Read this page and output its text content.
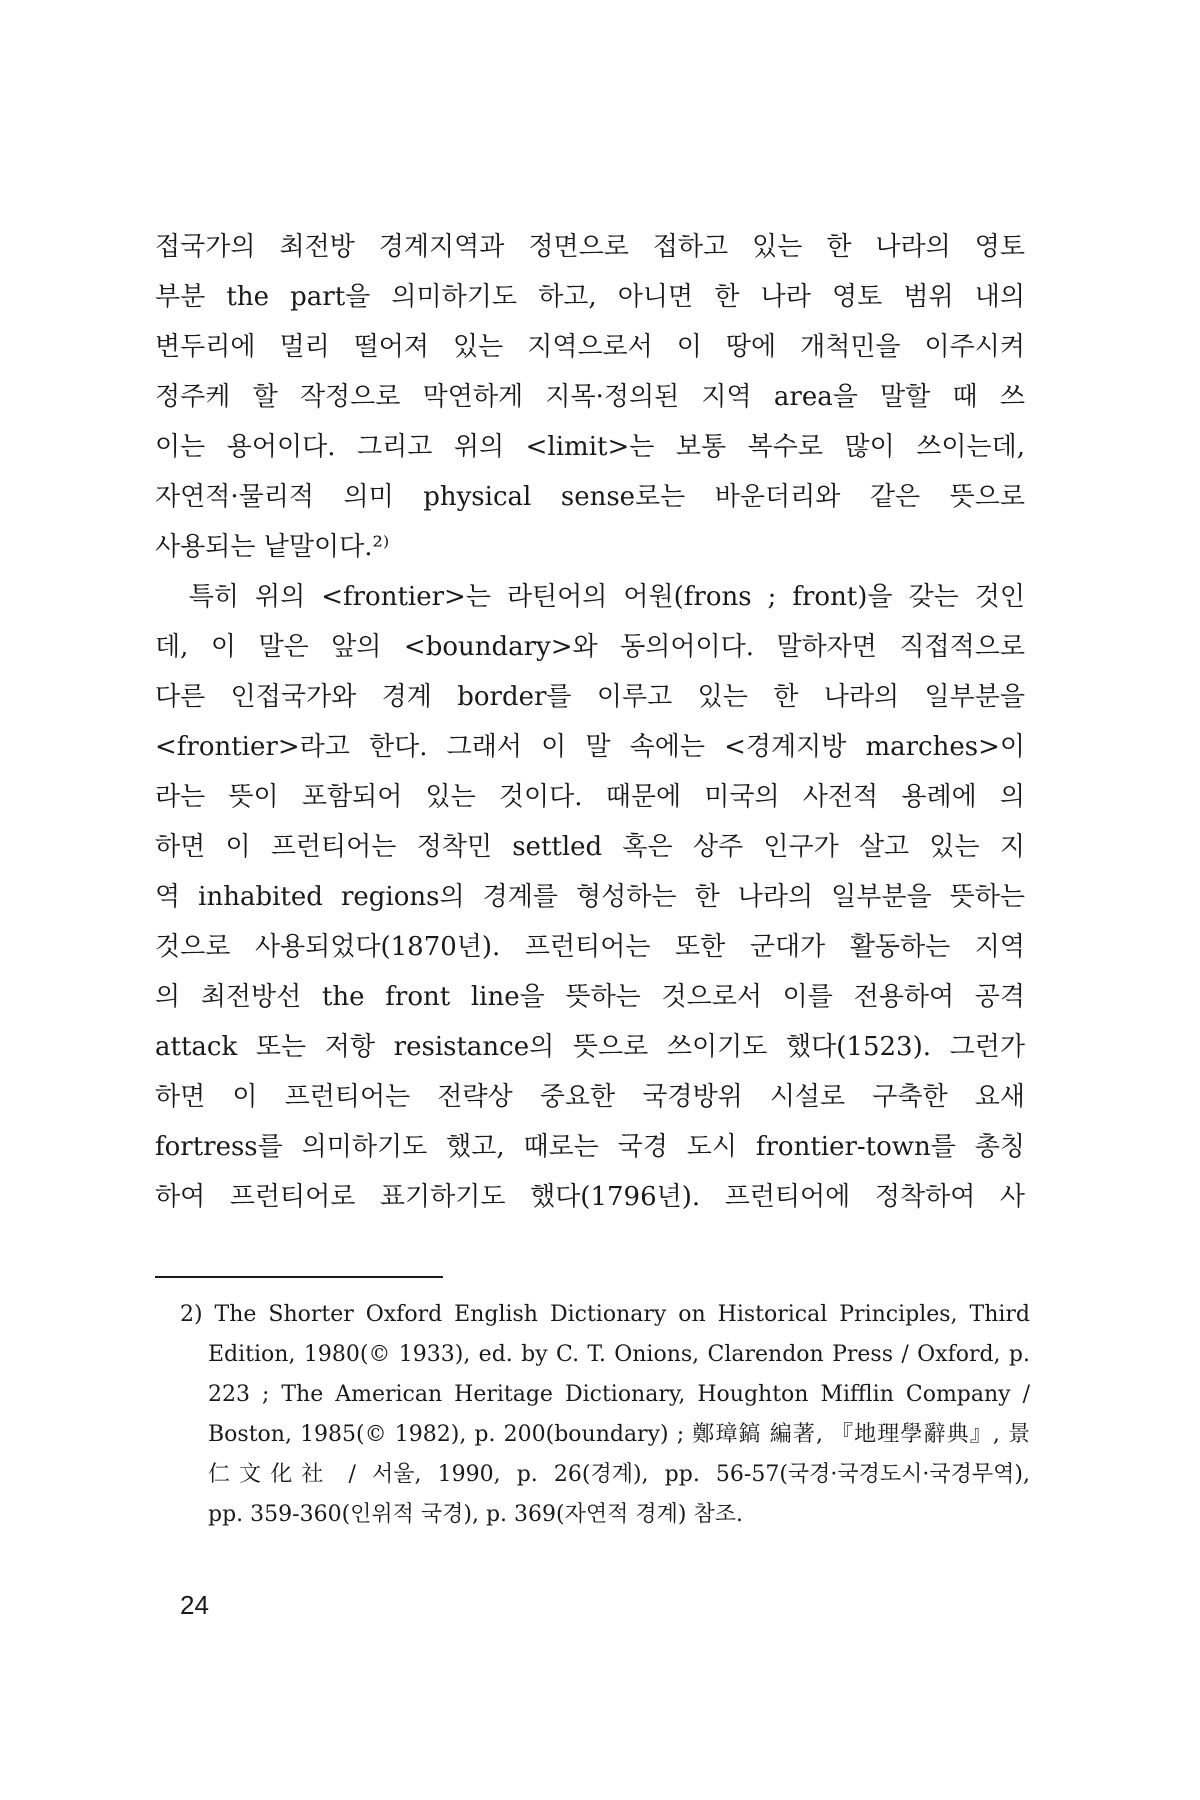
접국가의 최전방 경계지역과 정면으로 접하고 있는 한 나라의 영토
부분 the part을 의미하기도 하고, 아니면 한 나라 영토 범위 내의
변두리에 멀리 떨어져 있는 지역으로서 이 땅에 개척민을 이주시켜
정주케 할 작정으로 막연하게 지목·정의된 지역 area을 말할 때 쓰
이는 용어이다. 그리고 위의 <limit>는 보통 복수로 많이 쓰이는데,
자연적·물리적 의미 physical sense로는 바운더리와 같은 뜻으로
사용되는 낱말이다.²⁾
　특히 위의 <frontier>는 라틴어의 어원(frons ; front)을 갖는 것인
데, 이 말은 앞의 <boundary>와 동의어이다. 말하자면 직접적으로
다른 인접국가와 경계 border를 이루고 있는 한 나라의 일부분을
<frontier>라고 한다. 그래서 이 말 속에는 <경계지방 marches>이
라는 뜻이 포함되어 있는 것이다. 때문에 미국의 사전적 용례에 의
하면 이 프런티어는 정착민 settled 혹은 상주 인구가 살고 있는 지
역 inhabited regions의 경계를 형성하는 한 나라의 일부분을 뜻하는
것으로 사용되었다(1870년). 프런티어는 또한 군대가 활동하는 지역
의 최전방선 the front line을 뜻하는 것으로서 이를 전용하여 공격
attack 또는 저항 resistance의 뜻으로 쓰이기도 했다(1523). 그런가
하면 이 프런티어는 전략상 중요한 국경방위 시설로 구축한 요새
fortress를 의미하기도 했고, 때로는 국경 도시 frontier-town를 총칭
하여 프런티어로 표기하기도 했다(1796년). 프런티어에 정착하여 사
2) The Shorter Oxford English Dictionary on Historical Principles, Third
Edition, 1980(© 1933), ed. by C. T. Onions, Clarendon Press / Oxford, p.
223 ; The American Heritage Dictionary, Houghton Mifflin Company /
Boston, 1985(© 1982), p. 200(boundary) ; 鄭璋鎬 編著, 『地理學辭典』, 景
仁文化社 / 서울, 1990, p. 26(경계), pp. 56-57(국경·국경도시·국경무역),
pp. 359-360(인위적 국경), p. 369(자연적 경계) 참조.
24
